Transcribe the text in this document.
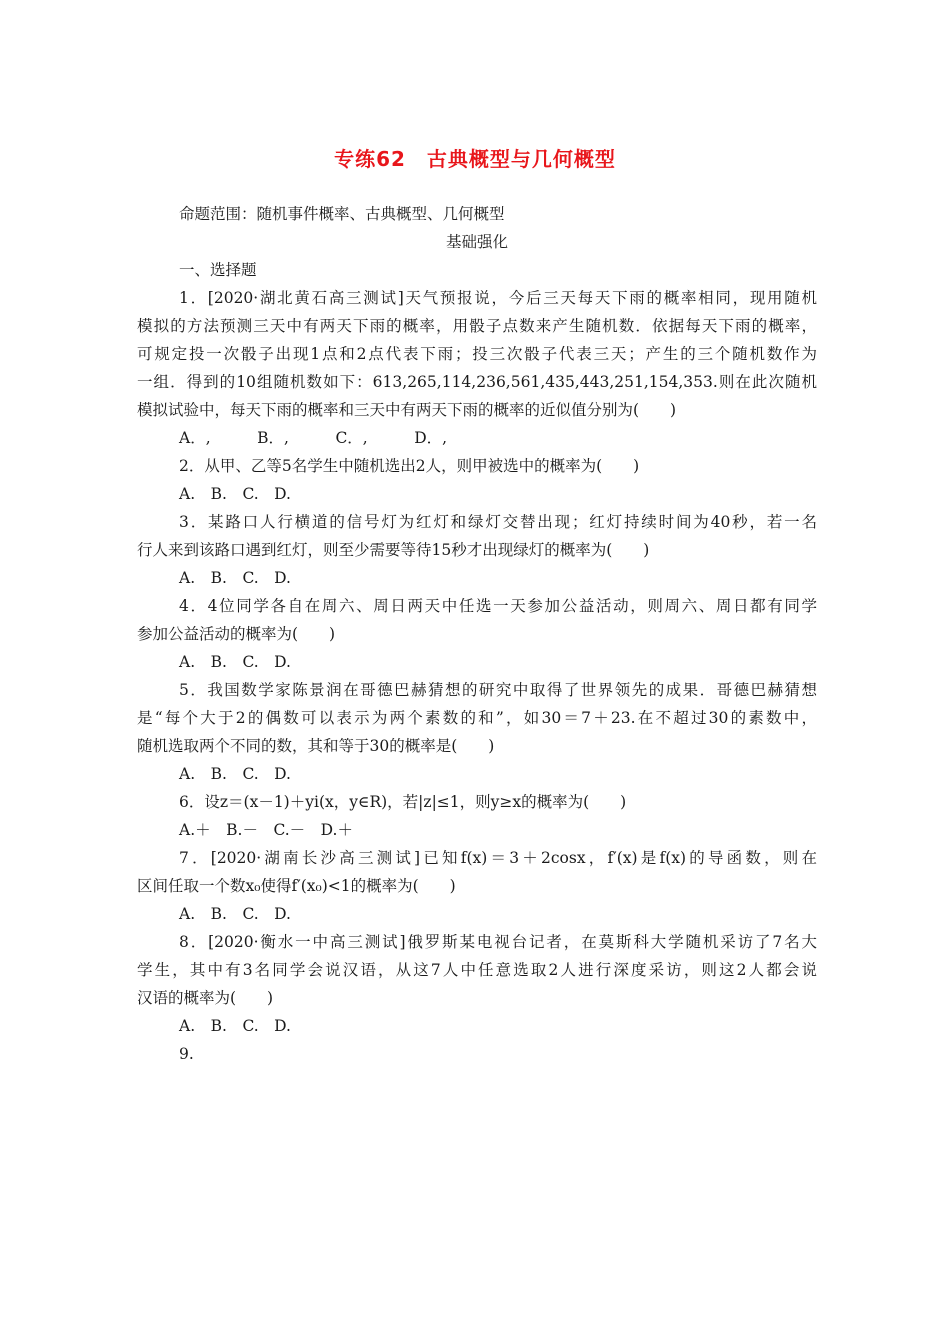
专练62　古典概型与几何概型
命题范围：随机事件概率、古典概型、几何概型
基础强化
一、选择题
1．[2020·湖北黄石高三测试]天气预报说，今后三天每天下雨的概率相同，现用随机
模拟的方法预测三天中有两天下雨的概率，用骰子点数来产生随机数．依据每天下雨的概率，
可规定投一次骰子出现1点和2点代表下雨；投三次骰子代表三天；产生的三个随机数作为
一组．得到的10组随机数如下：613,265,114,236,561,435,443,251,154,353.则在此次随机
模拟试验中，每天下雨的概率和三天中有两天下雨的概率的近似值分别为(　　)
A．,　　　B．,　　　C．,　　　D．,
2．从甲、乙等5名学生中随机选出2人，则甲被选中的概率为(　　)
A.　B.　C.　D.
3．某路口人行横道的信号灯为红灯和绿灯交替出现；红灯持续时间为40秒，若一名
行人来到该路口遇到红灯，则至少需要等待15秒才出现绿灯的概率为(　　)
A.　B.　C.　D.
4．4位同学各自在周六、周日两天中任选一天参加公益活动，则周六、周日都有同学
参加公益活动的概率为(　　)
A.　B.　C.　D.
5．我国数学家陈景润在哥德巴赫猜想的研究中取得了世界领先的成果．哥德巴赫猜想
是“每个大于2的偶数可以表示为两个素数的和”，如30＝7＋23.在不超过30的素数中，
随机选取两个不同的数，其和等于30的概率是(　　)
A.　B.　C.　D.
6．设z＝(x－1)＋yi(x，y∈R)，若|z|≤1，则y≥x的概率为(　　)
A.＋　B.－　C.－　D.＋
7．[2020·湖南长沙高三测试]已知f(x)＝3＋2cosx，f′(x)是f(x)的导函数，则在
区间任取一个数x₀使得f′(x₀)<1的概率为(　　)
A.　B.　C.　D.
8．[2020·衡水一中高三测试]俄罗斯某电视台记者，在莫斯科大学随机采访了7名大
学生，其中有3名同学会说汉语，从这7人中任意选取2人进行深度采访，则这2人都会说
汉语的概率为(　　)
A.　B.　C.　D.
9.
